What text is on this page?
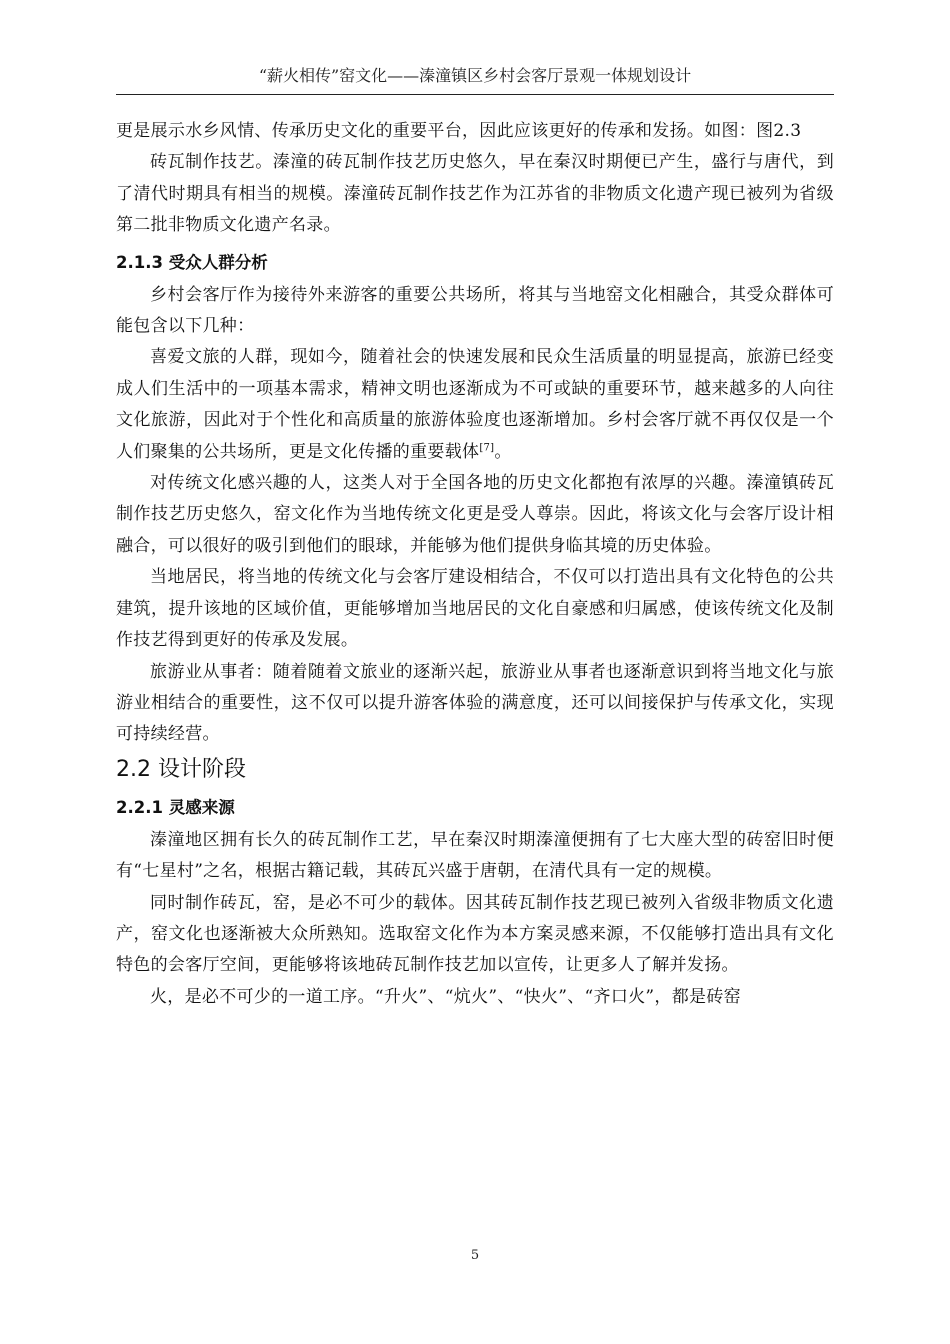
“薪火相传”窑文化——溱潼镇区乡村会客厅景观一体规划设计

更是展示水乡风情、传承历史文化的重要平台，因此应该更好的传承和发扬。如图：图2.3

砖瓦制作技艺。溱潼的砖瓦制作技艺历史悠久，早在秦汉时期便已产生，盛行与唐代，到了清代时期具有相当的规模。溱潼砖瓦制作技艺作为江苏省的非物质文化遗产现已被列为省级第二批非物质文化遗产名录。

2.1.3 受众人群分析

乡村会客厅作为接待外来游客的重要公共场所，将其与当地窑文化相融合，其受众群体可能包含以下几种：

喜爱文旅的人群，现如今，随着社会的快速发展和民众生活质量的明显提高，旅游已经变成人们生活中的一项基本需求，精神文明也逐渐成为不可或缺的重要环节，越来越多的人向往文化旅游，因此对于个性化和高质量的旅游体验度也逐渐增加。乡村会客厅就不再仅仅是一个人们聚集的公共场所，更是文化传播的重要载体[7]。

对传统文化感兴趣的人，这类人对于全国各地的历史文化都抱有浓厚的兴趣。溱潼镇砖瓦制作技艺历史悠久，窑文化作为当地传统文化更是受人尊崇。因此，将该文化与会客厅设计相融合，可以很好的吸引到他们的眼球，并能够为他们提供身临其境的历史体验。

当地居民，将当地的传统文化与会客厅建设相结合，不仅可以打造出具有文化特色的公共建筑，提升该地的区域价值，更能够增加当地居民的文化自豪感和归属感，使该传统文化及制作技艺得到更好的传承及发展。

旅游业从事者：随着随着文旅业的逐渐兴起，旅游业从事者也逐渐意识到将当地文化与旅游业相结合的重要性，这不仅可以提升游客体验的满意度，还可以间接保护与传承文化，实现可持续经营。

2.2 设计阶段
2.2.1 灵感来源

溱潼地区拥有长久的砖瓦制作工艺，早在秦汉时期溱潼便拥有了七大座大型的砖窑旧时便有“七星村”之名，根据古籍记载，其砖瓦兴盛于唐朝，在清代具有一定的规模。

同时制作砖瓦，窑，是必不可少的载体。因其砖瓦制作技艺现已被列入省级非物质文化遗产，窑文化也逐渐被大众所熟知。选取窑文化作为本方案灵感来源，不仅能够打造出具有文化特色的会客厅空间，更能够将该地砖瓦制作技艺加以宣传，让更多人了解并发扬。

火，是必不可少的一道工序。“升火”、“炕火”、“快火”、“齐口火”，都是砖窑

5
